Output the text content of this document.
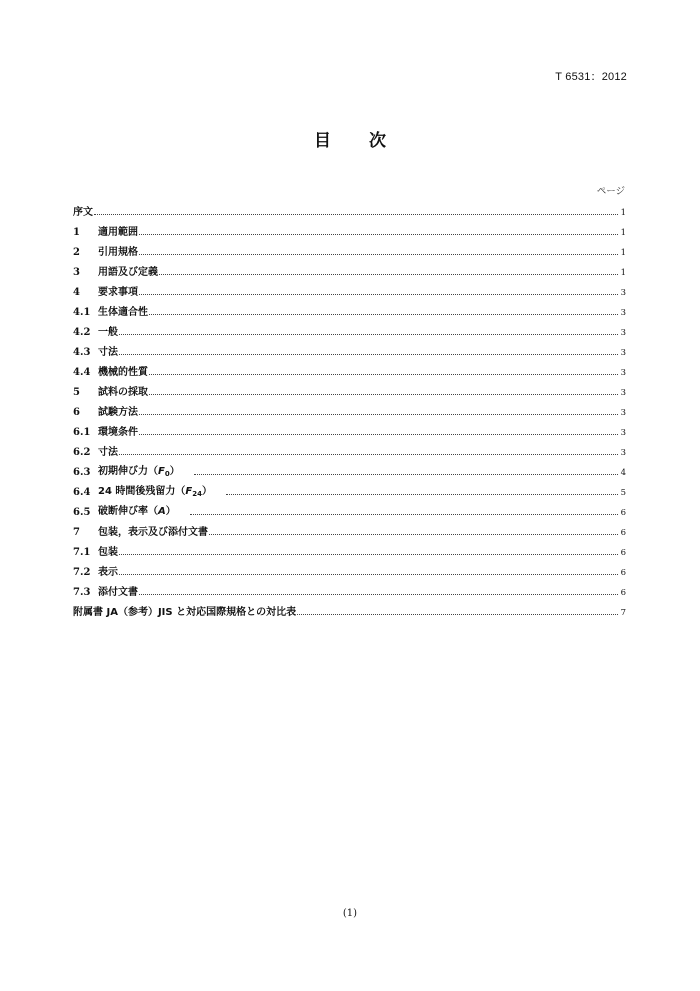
T 6531：2012
目 次
ページ
序文	1
1	適用範囲	1
2	引用規格	1
3	用語及び定義	1
4	要求事項	3
4.1 生体適合性	3
4.2 一般	3
4.3 寸法	3
4.4 機械的性質	3
5	試料の採取	3
6	試験方法	3
6.1 環境条件	3
6.2 寸法	3
6.3 初期伸び力$(F_0)$	4
6.4 24 時間後残留力$(F_{24})$	5
6.5 破断伸び率（A）	6
7	包装，表示及び添付文書	6
7.1 包装	6
7.2 表示	6
7.3 添付文書	6
附属書 JA（参考）JIS と対応国際規格との対比表	7
(1)
